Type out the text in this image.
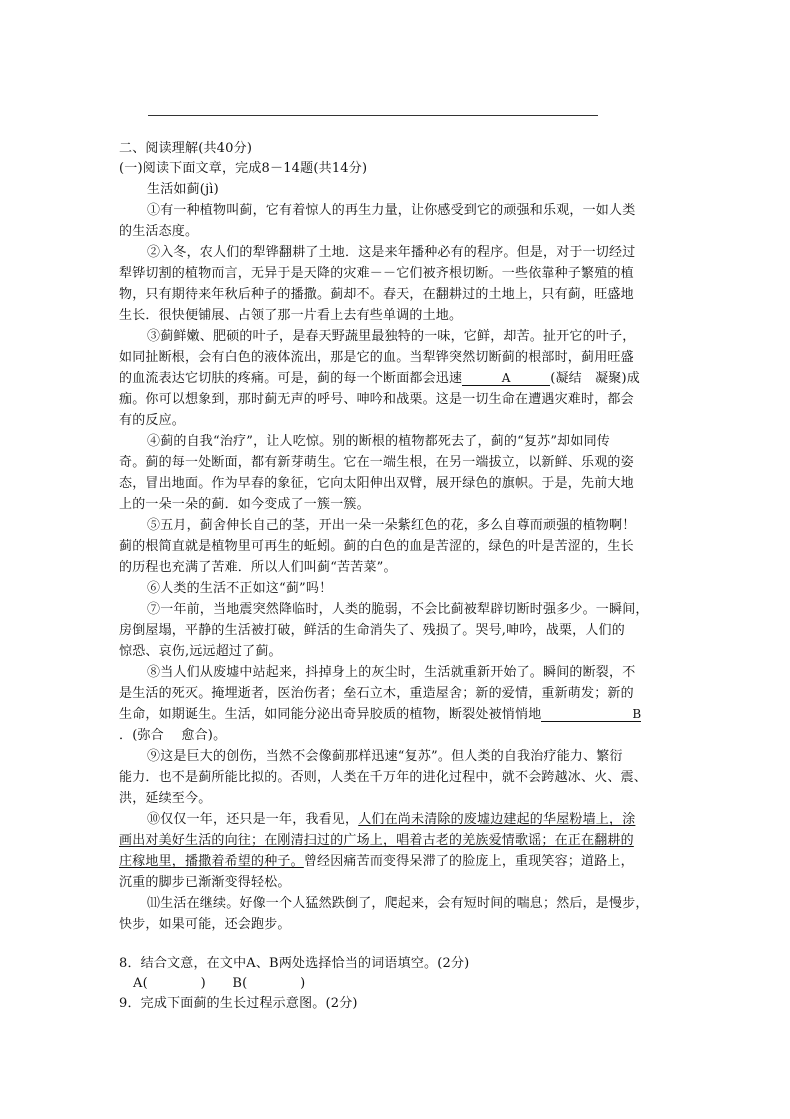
二、阅读理解(共40分)
(一)阅读下面文章，完成8－14题(共14分)
生活如蓟(jì)
①有一种植物叫蓟，它有着惊人的再生力量，让你感受到它的顽强和乐观，一如人类
的生活态度。
②入冬，农人们的犁铧翻耕了土地．这是来年播种必有的程序。但是，对于一切经过
犁铧切割的植物而言，无异于是天降的灾难－－它们被齐根切断。一些依靠种子繁殖的植
物，只有期待来年秋后种子的播撒。蓟却不。春天，在翻耕过的土地上，只有蓟，旺盛地
生长．很快便铺展、占领了那一片看上去有些单调的土地。
③蓟鲜嫩、肥硕的叶子，是春天野蔬里最独特的一味，它鲜，却苦。扯开它的叶子，
如同扯断根，会有白色的液体流出，那是它的血。当犁铧突然切断蓟的根部时，蓟用旺盛
的血流表达它切肤的疼痛。可是，蓟的每一个断面都会迅速	A	(凝结　凝聚)成
痂。你可以想象到，那时蓟无声的呼号、呻吟和战栗。这是一切生命在遭遇灾难时，都会
有的反应。
④蓟的自我“治疗”，让人吃惊。别的断根的植物都死去了，蓟的“复苏”却如同传
奇。蓟的每一处断面，都有新芽萌生。它在一端生根，在另一端拔立，以新鲜、乐观的姿
态，冒出地面。作为早春的象征，它向太阳伸出双臂，展开绿色的旗帜。于是，先前大地
上的一朵一朵的蓟．如今变成了一簇一簇。
⑤五月，蓟舍伸长自己的茎，开出一朵一朵紫红色的花，多么自尊而顽强的植物啊！
蓟的根简直就是植物里可再生的蚯蚓。蓟的白色的血是苦涩的，绿色的叶是苦涩的，生长
的历程也充满了苦难．所以人们叫蓟“苦苦菜”。
⑥人类的生活不正如这“蓟”吗！
⑦一年前，当地震突然降临时，人类的脆弱，不会比蓟被犁辟切断时强多少。一瞬间，
房倒屋塌，平静的生活被打破，鲜活的生命消失了、残损了。哭号,呻吟，战栗，人们的
惊恐、哀伤,远远超过了蓟。
⑧当人们从废墟中站起来，抖掉身上的灰尘时，生活就重新开始了。瞬间的断裂，不
是生活的死灭。掩埋逝者，医治伤者；垒石立木，重造屋舍；新的爱情，重新萌发；新的
生命，如期诞生。生活，如同能分泌出奇异胶质的植物，断裂处被悄悄地	B
．(弥合　 愈合)。
⑨这是巨大的创伤，当然不会像蓟那样迅速“复苏”。但人类的自我治疗能力、繁衍
能力．也不是蓟所能比拟的。否则，人类在千万年的进化过程中，就不会跨越冰、火、震、
洪，延续至今。
⑩仅仅一年，还只是一年，我看见，人们在尚未清除的废墟边建起的华屋粉墙上，涂
画出对美好生活的向往；在刚清扫过的广场上，唱着古老的羌族爱情歌谣；在正在翻耕的
庄稼地里，播撒着希望的种子。曾经因痛苦而变得呆滞了的脸庞上，重现笑容；道路上，
沉重的脚步已渐渐变得轻松。
⑾生活在继续。好像一个人猛然跌倒了，爬起来，会有短时间的喘息；然后，是慢步，
快步，如果可能，还会跑步。
8．结合文意，在文中A、B两处选择恰当的词语填空。(2分)
A(　　　　)　　B(　　　　)
9．完成下面蓟的生长过程示意图。(2分)
